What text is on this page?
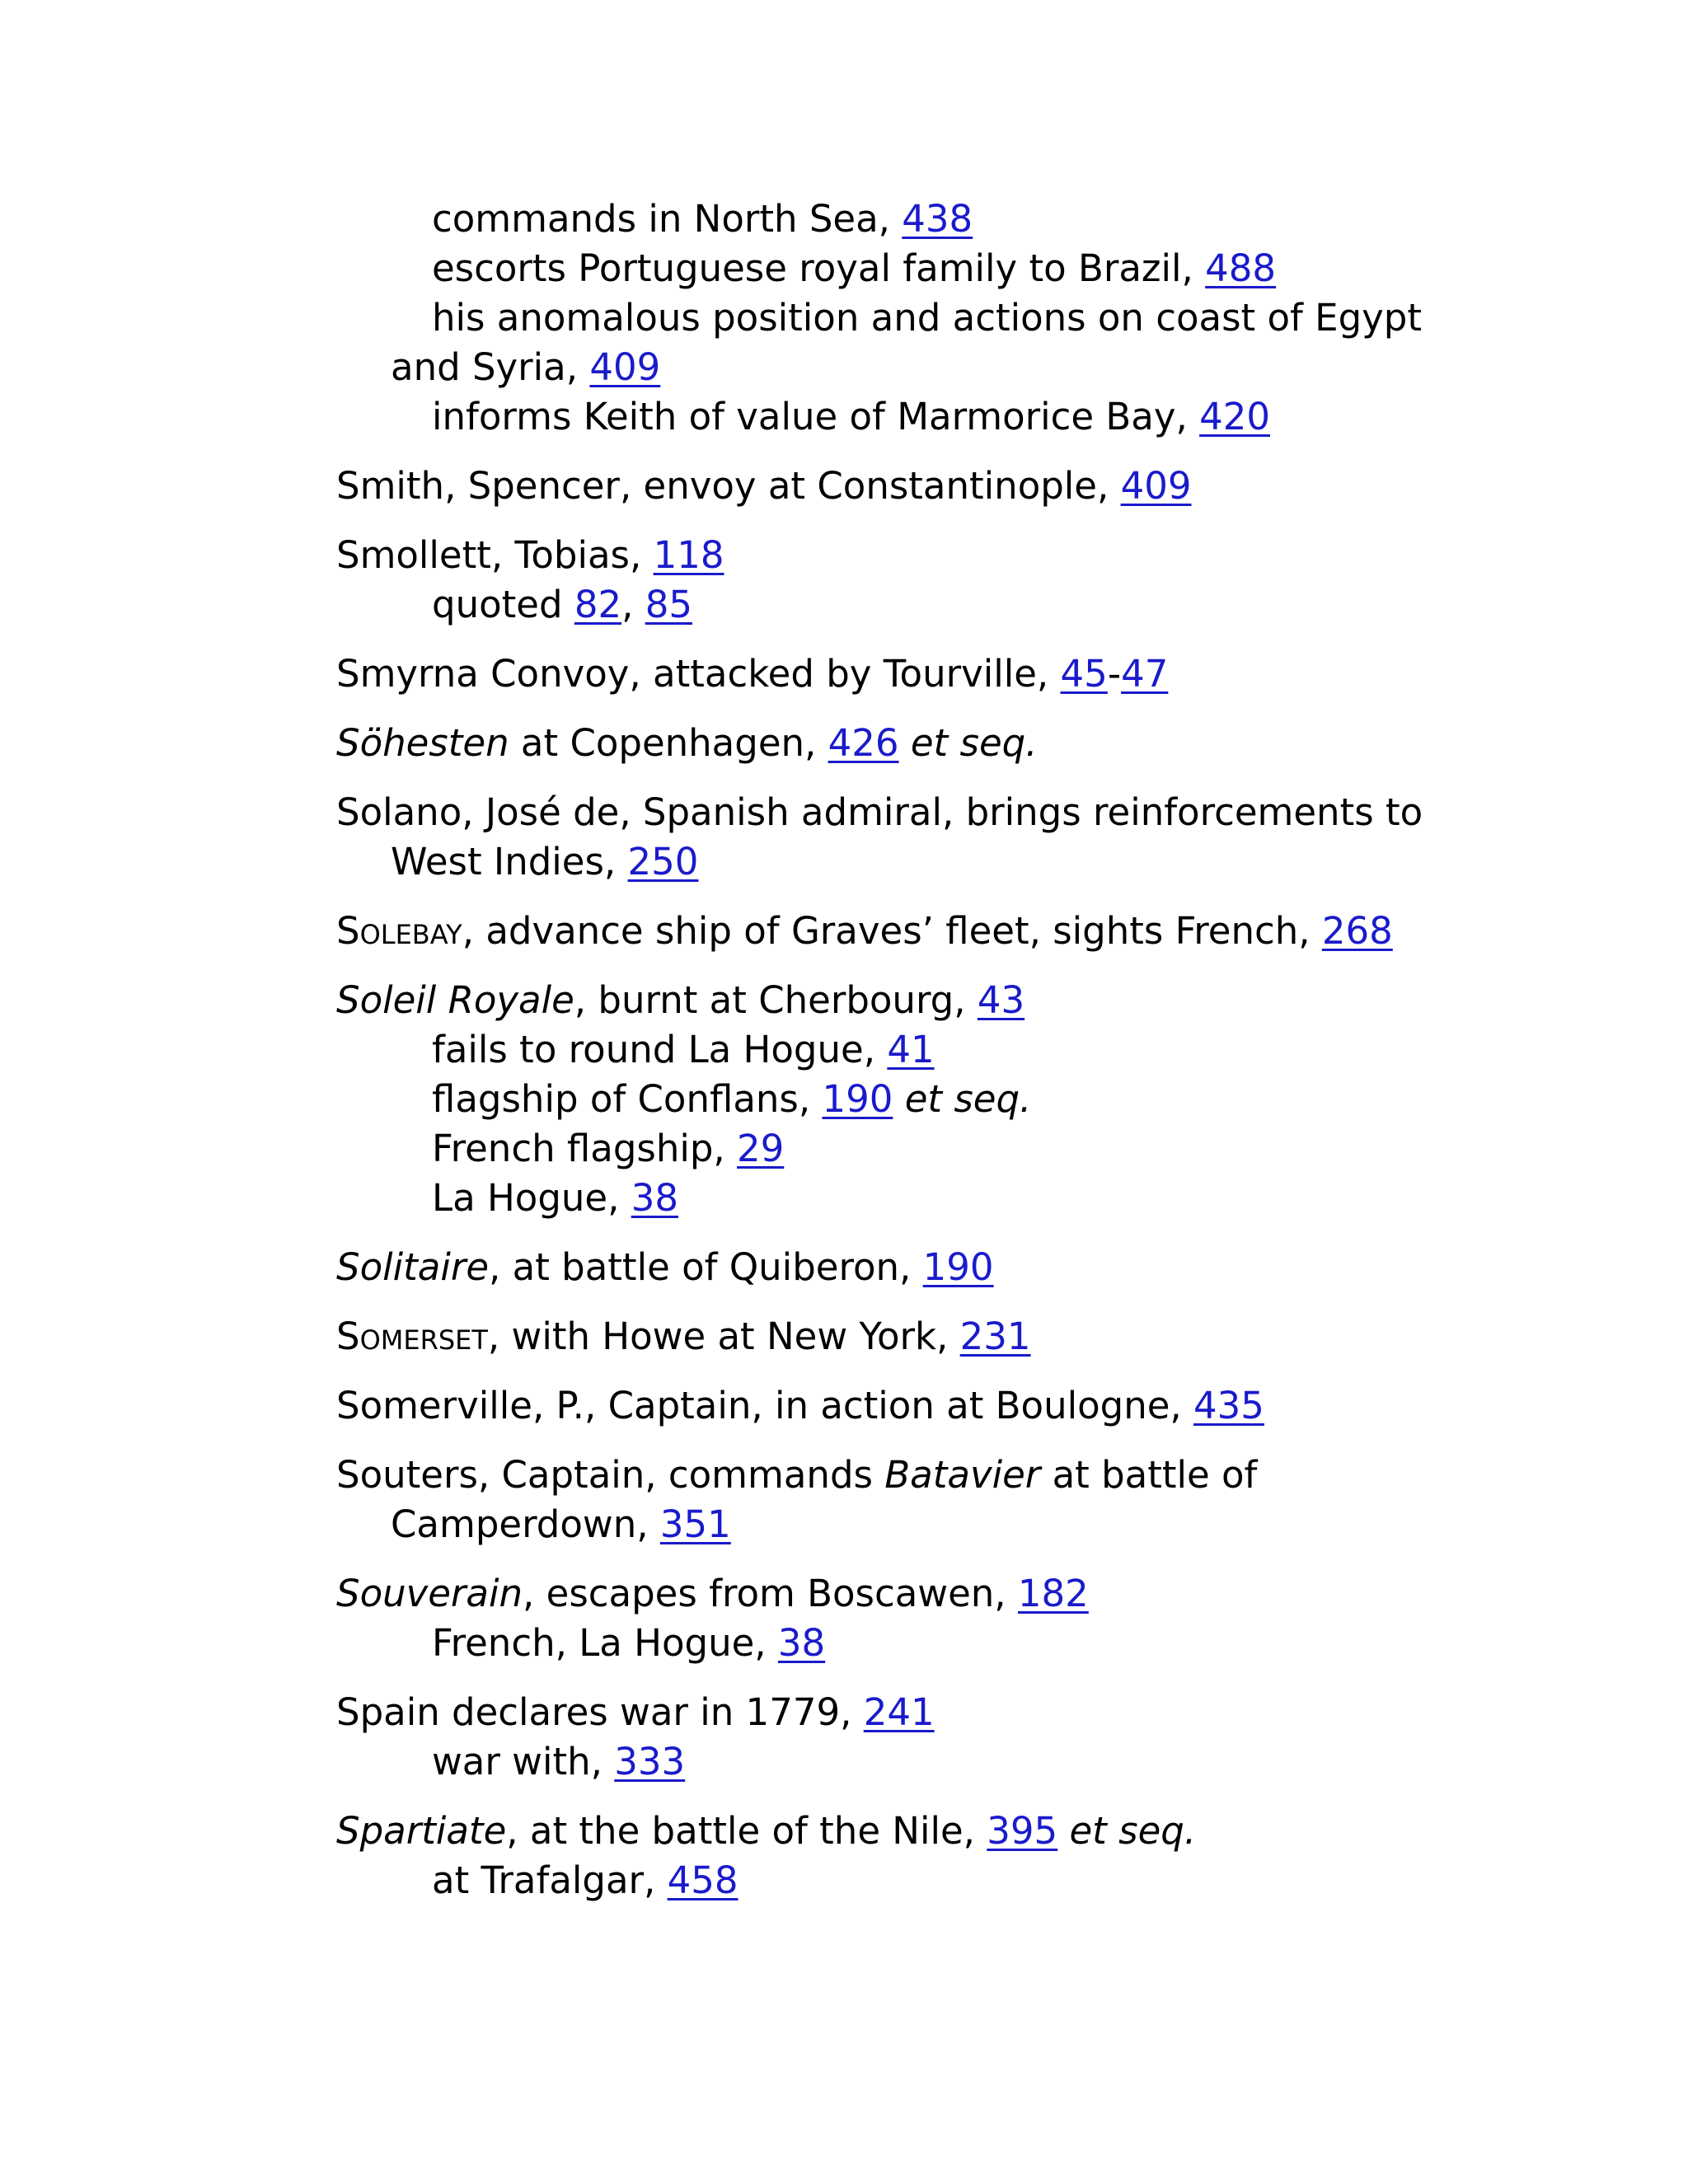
commands in North Sea, 438
escorts Portuguese royal family to Brazil, 488
his anomalous position and actions on coast of Egypt
and Syria, 409
informs Keith of value of Marmorice Bay, 420
Smith, Spencer, envoy at Constantinople, 409
Smollett, Tobias, 118
quoted 82, 85
Smyrna Convoy, attacked by Tourville, 45-47
Söhesten at Copenhagen, 426 et seq.
Solano, José de, Spanish admiral, brings reinforcements to
West Indies, 250
Solebay, advance ship of Graves’ fleet, sights French, 268
Soleil Royale, burnt at Cherbourg, 43
fails to round La Hogue, 41
flagship of Conflans, 190 et seq.
French flagship, 29
La Hogue, 38
Solitaire, at battle of Quiberon, 190
Somerset, with Howe at New York, 231
Somerville, P., Captain, in action at Boulogne, 435
Souters, Captain, commands Batavier at battle of
Camperdown, 351
Souverain, escapes from Boscawen, 182
French, La Hogue, 38
Spain declares war in 1779, 241
war with, 333
Spartiate, at the battle of the Nile, 395 et seq.
at Trafalgar, 458
